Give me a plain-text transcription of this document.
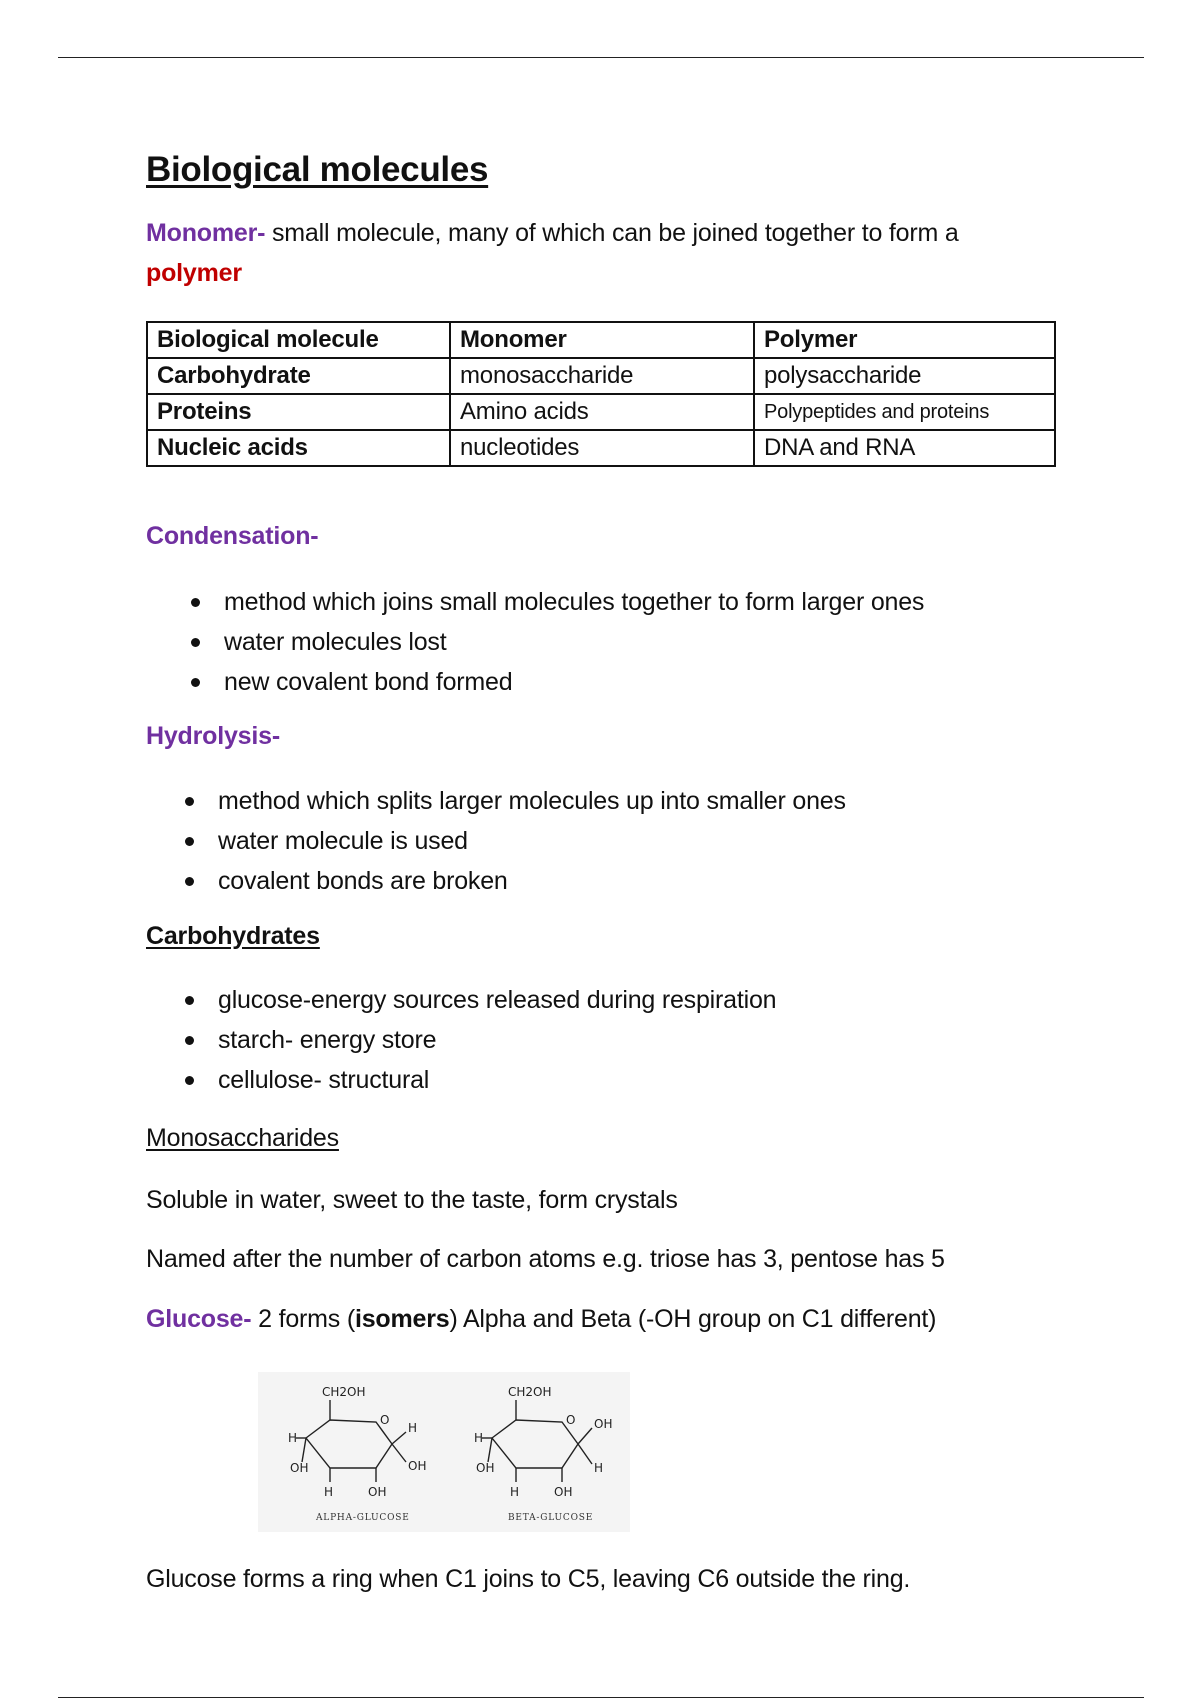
Biological molecules

Monomer- small molecule, many of which can be joined together to form a
polymer

Biological molecule	Monomer	Polymer
Carbohydrate	monosaccharide	polysaccharide
Proteins	Amino acids	Polypeptides and proteins
Nucleic acids	nucleotides	DNA and RNA

Condensation-

method which joins small molecules together to form larger ones
water molecules lost
new covalent bond formed

Hydrolysis-

method which splits larger molecules up into smaller ones
water molecule is used
covalent bonds are broken

Carbohydrates

glucose-energy sources released during respiration
starch- energy store
cellulose- structural

Monosaccharides

Soluble in water, sweet to the taste, form crystals

Named after the number of carbon atoms e.g. triose has 3, pentose has 5

Glucose- 2 forms (isomers) Alpha and Beta (-OH group on C1 different)

CH2OH
O
H
OH
H	OH
H
OH
ALPHA-GLUCOSE
CH2OH
O
H
OH
H	OH
OH
H
BETA-GLUCOSE

Glucose forms a ring when C1 joins to C5, leaving C6 outside the ring.
